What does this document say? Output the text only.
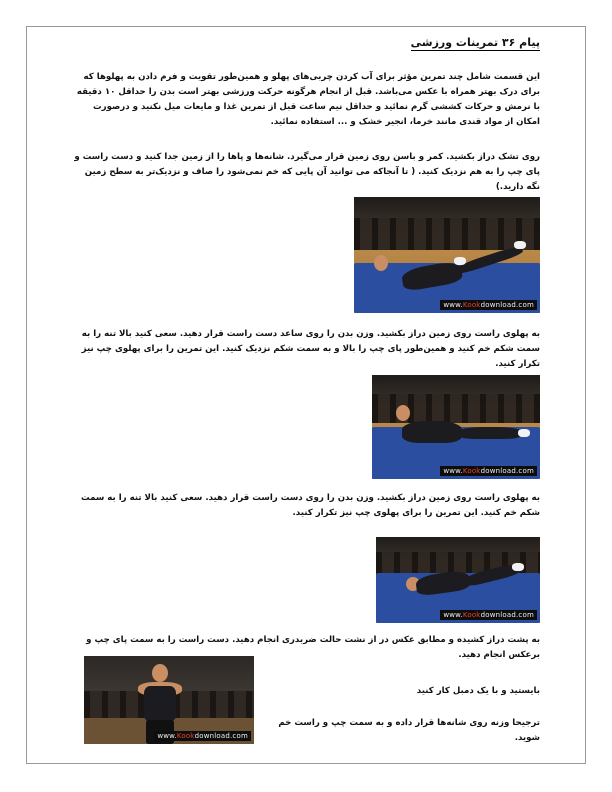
پیام ۳۶ تمرینات ورزشی

این قسمت شامل چند تمرین مؤثر برای آب کردن چربی‌های پهلو و همین‌طور تقویت و فرم دادن به پهلوها که برای درک بهتر همراه با عکس می‌باشد. قبل از انجام هرگونه حرکت ورزشی بهتر است بدن را حداقل ۱۰ دقیقه با نرمش و حرکات کششی گرم نمائید و حداقل نیم ساعت قبل از تمرین غذا و مایعات میل نکنید و درصورت امکان از مواد قندی مانند خرما، انجیر خشک و ... استفاده نمائید.

روی تشک دراز بکشید. کمر و باسن روی زمین قرار می‌گیرد. شانه‌ها و پاها را از زمین جدا کنید و دست راست و پای چپ را به هم نزدیک کنید. ( تا آنجاکه می توانید آن پایی که خم نمی‌شود را صاف و نزدیک‌تر به سطح زمین نگه دارید.)

www.Kookdownload.com

به پهلوی راست روی زمین دراز بکشید. وزن بدن را روی ساعد دست راست قرار دهید. سعی کنید بالا تنه را به سمت شکم خم کنید و همین‌طور پای چپ را بالا و به سمت شکم نزدیک کنید. این تمرین را برای پهلوی چپ نیز تکرار کنید.

www.Kookdownload.com

به پهلوی راست روی زمین دراز بکشید. وزن بدن را روی دست راست قرار دهید. سعی کنید بالا تنه را به سمت شکم خم کنید. این تمرین را برای پهلوی چپ نیز تکرار کنید.

www.Kookdownload.com

به پشت دراز کشیده و مطابق عکس در از نشت حالت ضربدری انجام دهید. دست راست را به سمت پای چپ و برعکس انجام دهید.

بایستید و با یک دمبل کار کنید

ترجیحا وزنه روی شانه‌ها قرار داده و به سمت چپ و راست خم شوید.

www.Kookdownload.com
